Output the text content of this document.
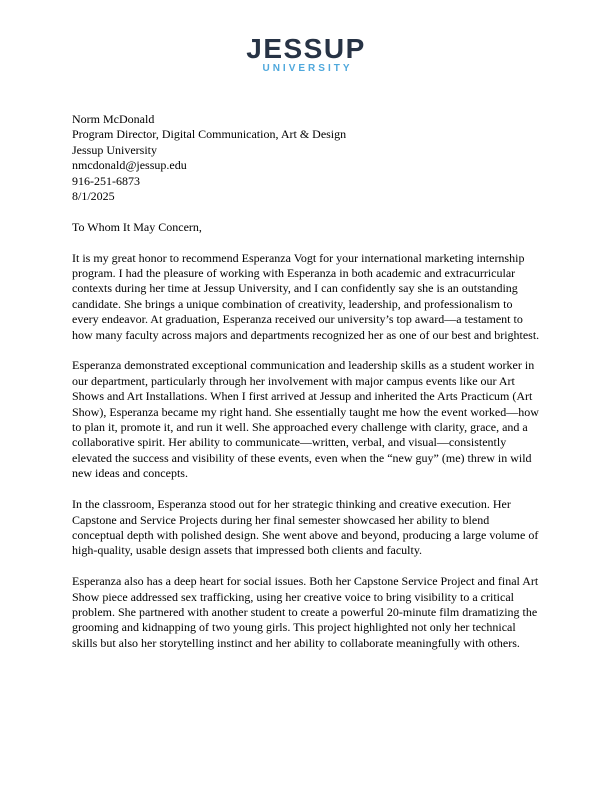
JESSUP
UNIVERSITY
Norm McDonald
Program Director, Digital Communication, Art & Design
Jessup University
nmcdonald@jessup.edu
916-251-6873
8/1/2025

To Whom It May Concern,

It is my great honor to recommend Esperanza Vogt for your international marketing internship program. I had the pleasure of working with Esperanza in both academic and extracurricular contexts during her time at Jessup University, and I can confidently say she is an outstanding candidate. She brings a unique combination of creativity, leadership, and professionalism to every endeavor. At graduation, Esperanza received our university’s top award—a testament to how many faculty across majors and departments recognized her as one of our best and brightest.

Esperanza demonstrated exceptional communication and leadership skills as a student worker in our department, particularly through her involvement with major campus events like our Art Shows and Art Installations. When I first arrived at Jessup and inherited the Arts Practicum (Art Show), Esperanza became my right hand. She essentially taught me how the event worked—how to plan it, promote it, and run it well. She approached every challenge with clarity, grace, and a collaborative spirit. Her ability to communicate—written, verbal, and visual—consistently elevated the success and visibility of these events, even when the “new guy” (me) threw in wild new ideas and concepts.

In the classroom, Esperanza stood out for her strategic thinking and creative execution. Her Capstone and Service Projects during her final semester showcased her ability to blend conceptual depth with polished design. She went above and beyond, producing a large volume of high-quality, usable design assets that impressed both clients and faculty.

Esperanza also has a deep heart for social issues. Both her Capstone Service Project and final Art Show piece addressed sex trafficking, using her creative voice to bring visibility to a critical problem. She partnered with another student to create a powerful 20-minute film dramatizing the grooming and kidnapping of two young girls. This project highlighted not only her technical skills but also her storytelling instinct and her ability to collaborate meaningfully with others.
